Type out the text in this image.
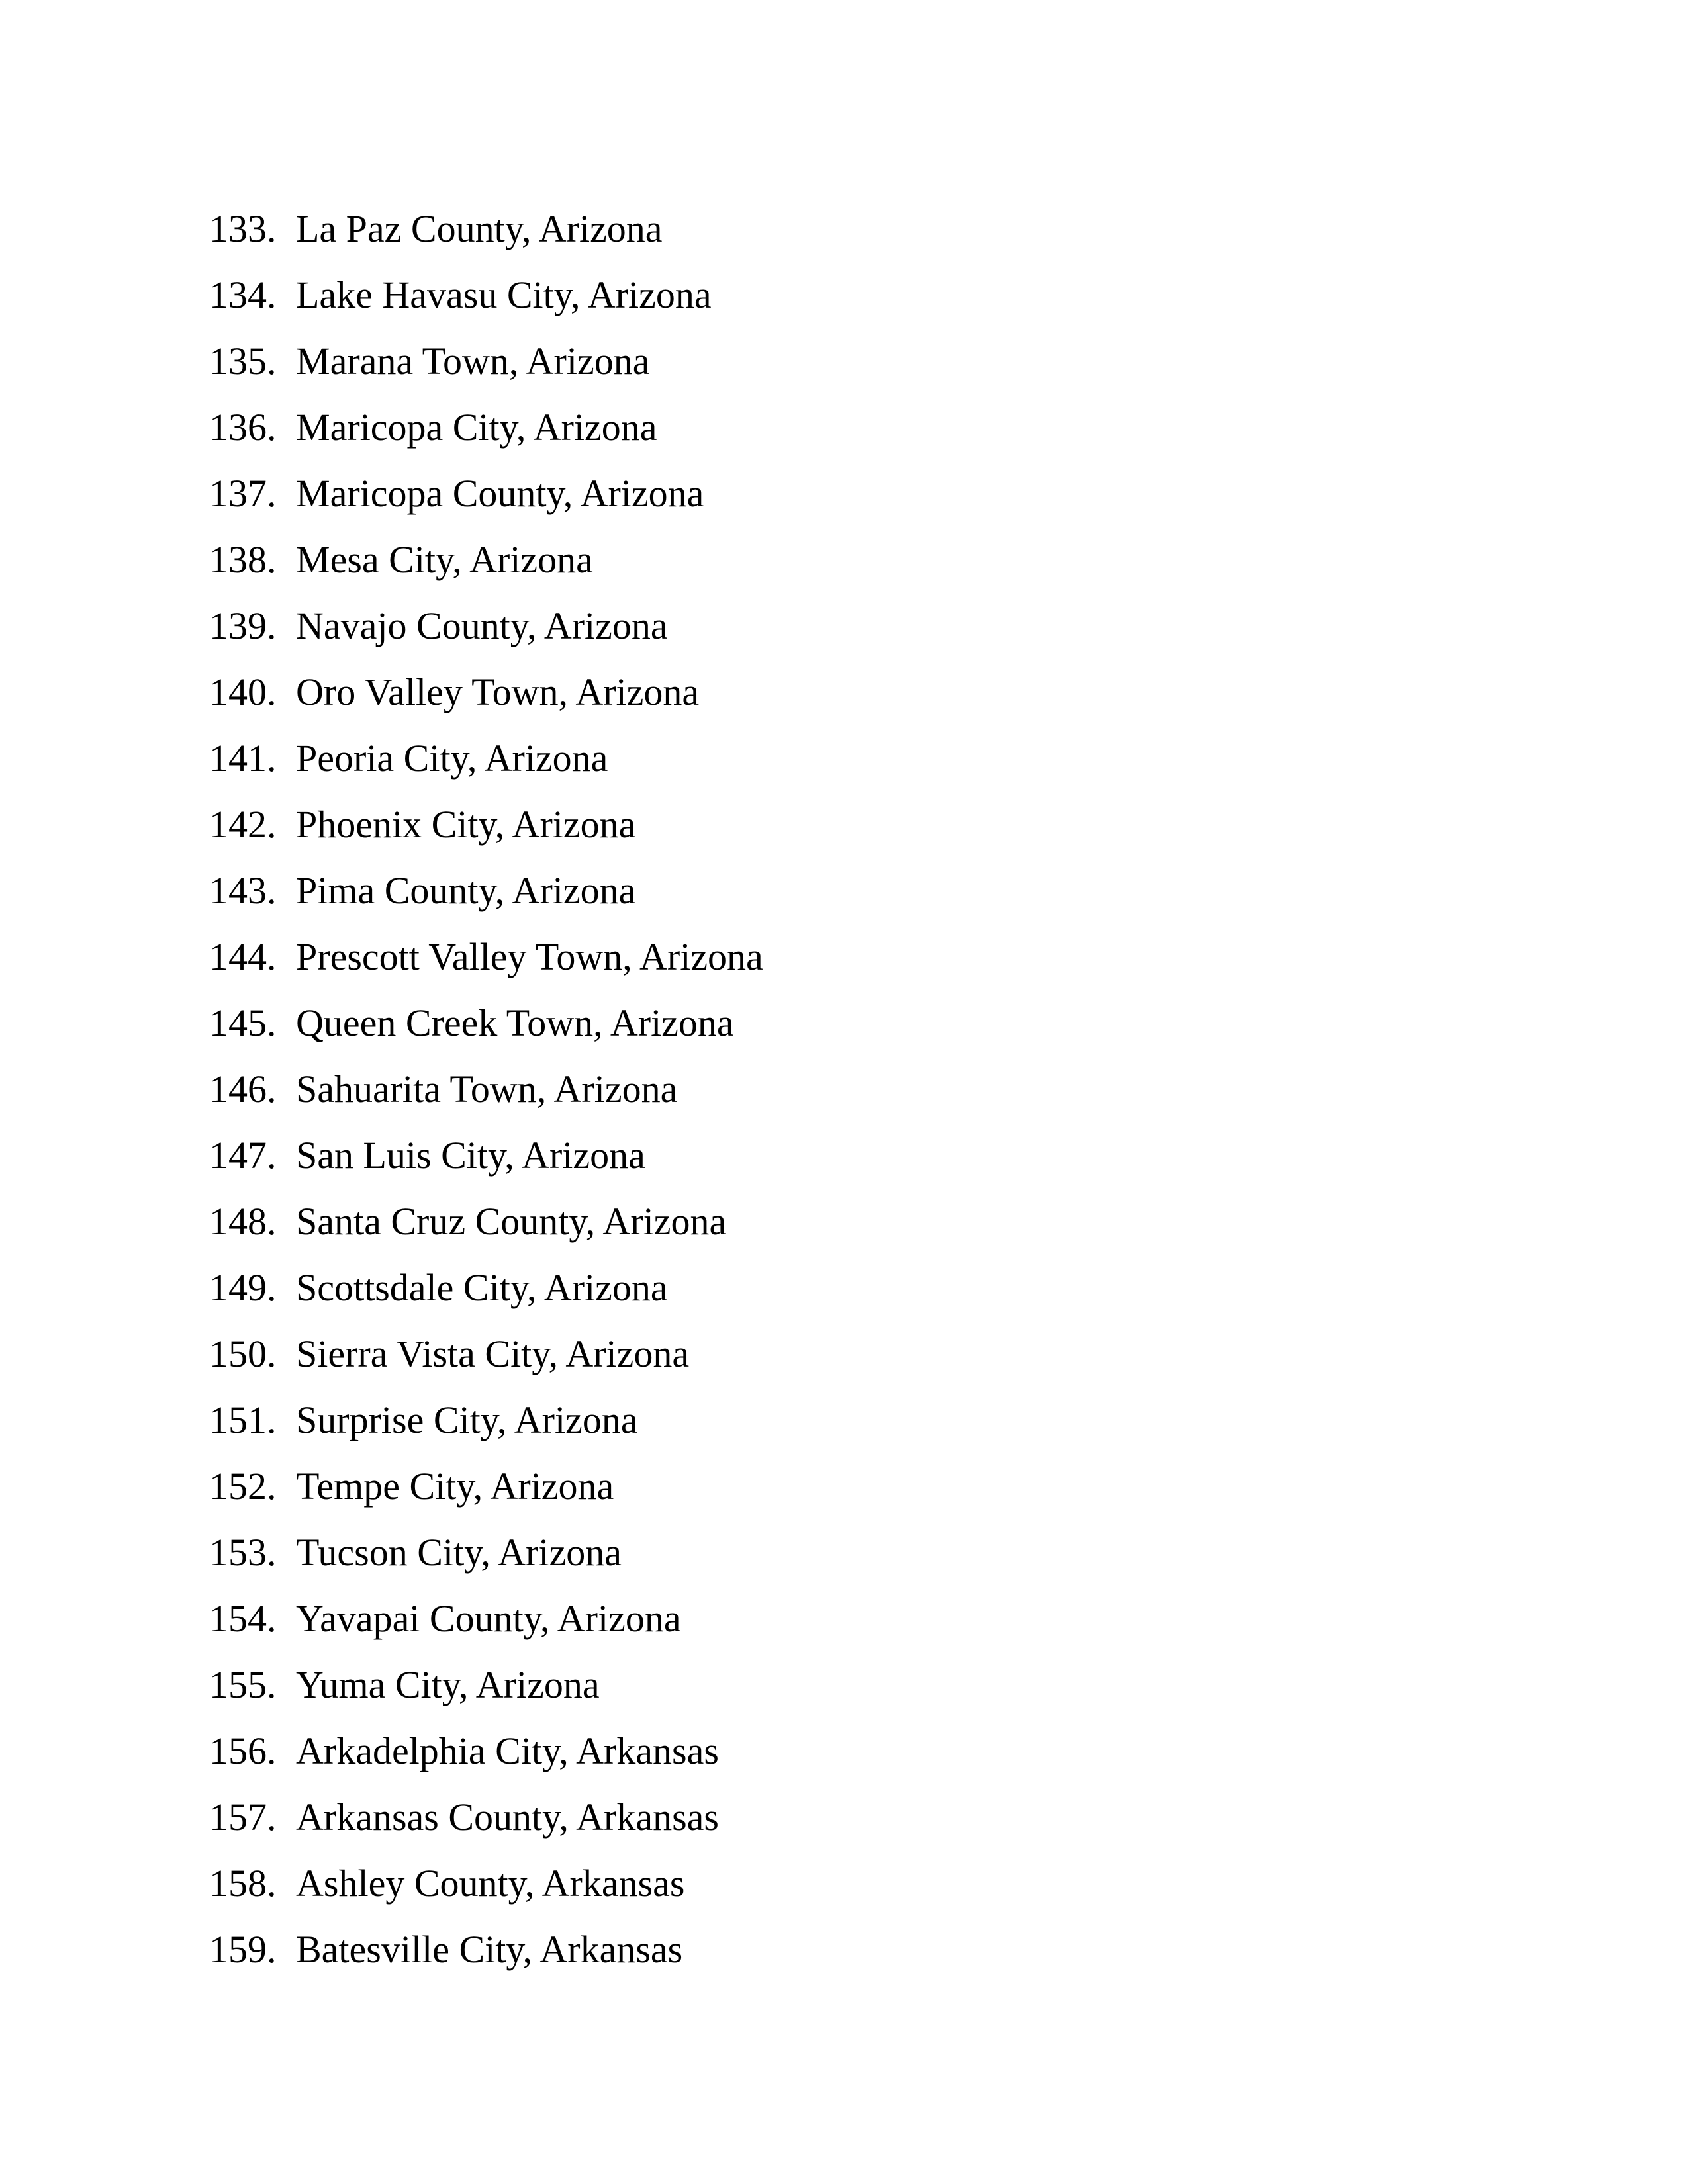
133. La Paz County, Arizona
134. Lake Havasu City, Arizona
135. Marana Town, Arizona
136. Maricopa City, Arizona
137. Maricopa County, Arizona
138. Mesa City, Arizona
139. Navajo County, Arizona
140. Oro Valley Town, Arizona
141. Peoria City, Arizona
142. Phoenix City, Arizona
143. Pima County, Arizona
144. Prescott Valley Town, Arizona
145. Queen Creek Town, Arizona
146. Sahuarita Town, Arizona
147. San Luis City, Arizona
148. Santa Cruz County, Arizona
149. Scottsdale City, Arizona
150. Sierra Vista City, Arizona
151. Surprise City, Arizona
152. Tempe City, Arizona
153. Tucson City, Arizona
154. Yavapai County, Arizona
155. Yuma City, Arizona
156. Arkadelphia City, Arkansas
157. Arkansas County, Arkansas
158. Ashley County, Arkansas
159. Batesville City, Arkansas
